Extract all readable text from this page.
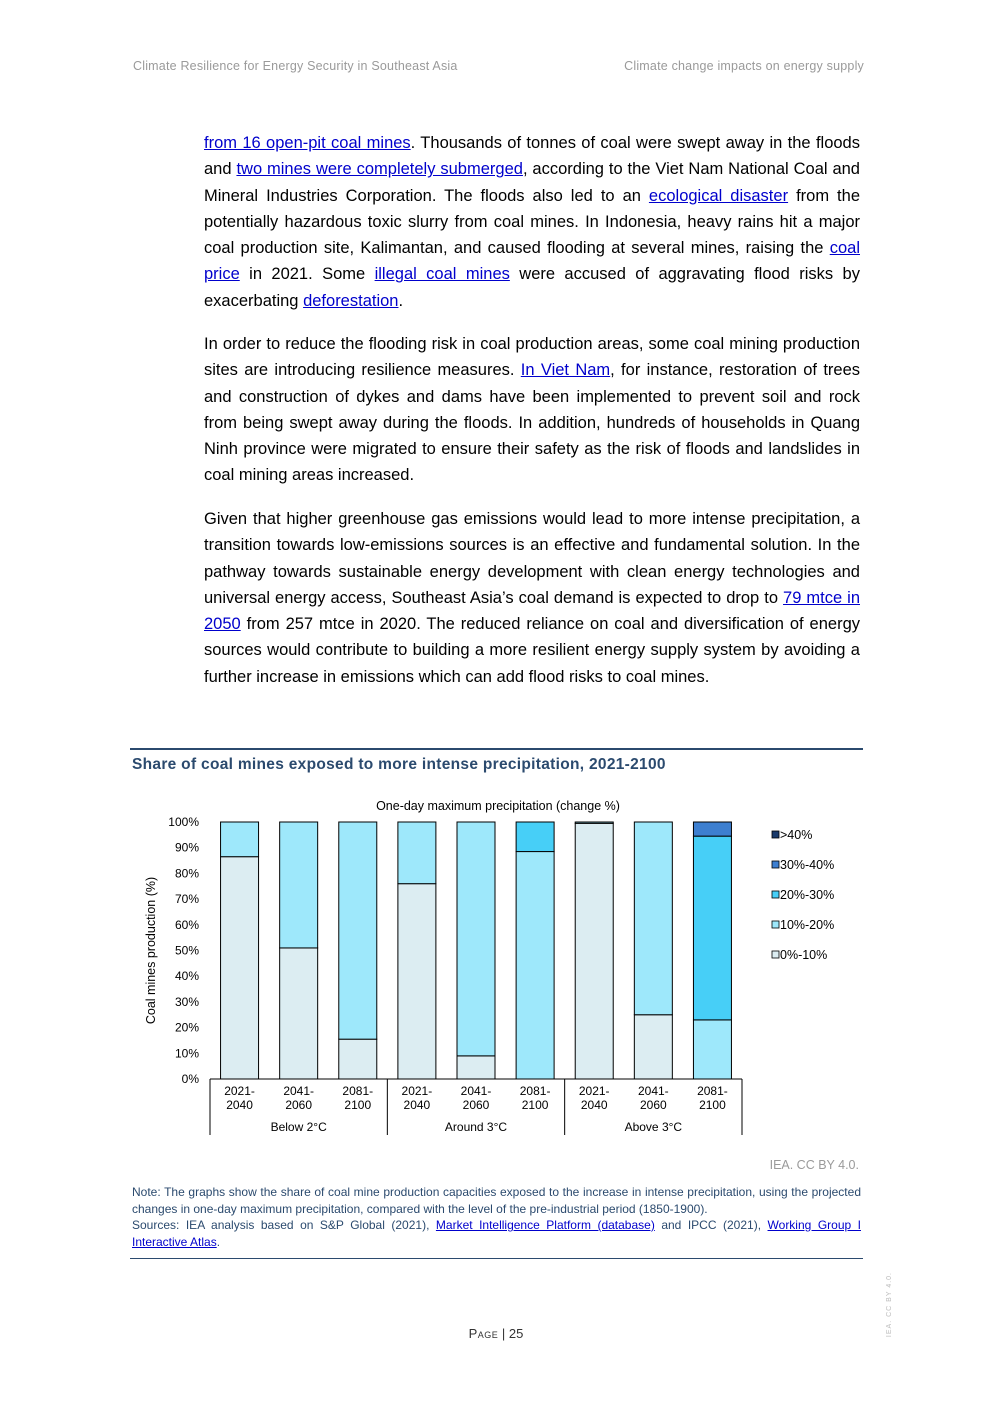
Climate Resilience for Energy Security in Southeast Asia	Climate change impacts on energy supply

from 16 open-pit coal mines. Thousands of tonnes of coal were swept away in the floods and two mines were completely submerged, according to the Viet Nam National Coal and Mineral Industries Corporation. The floods also led to an ecological disaster from the potentially hazardous toxic slurry from coal mines. In Indonesia, heavy rains hit a major coal production site, Kalimantan, and caused flooding at several mines, raising the coal price in 2021. Some illegal coal mines were accused of aggravating flood risks by exacerbating deforestation.

In order to reduce the flooding risk in coal production areas, some coal mining production sites are introducing resilience measures. In Viet Nam, for instance, restoration of trees and construction of dykes and dams have been implemented to prevent soil and rock from being swept away during the floods. In addition, hundreds of households in Quang Ninh province were migrated to ensure their safety as the risk of floods and landslides in coal mining areas increased.

Given that higher greenhouse gas emissions would lead to more intense precipitation, a transition towards low-emissions sources is an effective and fundamental solution. In the pathway towards sustainable energy development with clean energy technologies and universal energy access, Southeast Asia’s coal demand is expected to drop to 79 mtce in 2050 from 257 mtce in 2020. The reduced reliance on coal and diversification of energy sources would contribute to building a more resilient energy supply system by avoiding a further increase in emissions which can add flood risks to coal mines.

Share of coal mines exposed to more intense precipitation, 2021-2100
One-day maximum precipitation (change %)
Coal mines production (%)
0%
10%
20%
30%
40%
50%
60%
70%
80%
90%
100%
2021-
2040
2041-
2060
2081-
2100
2021-
2040
2041-
2060
2081-
2100
2021-
2040
2041-
2060
2081-
2100
Below 2°C	Around 3°C	Above 3°C
>40%
30%-40%
20%-30%
10%-20%
0%-10%
IEA. CC BY 4.0.
Note: The graphs show the share of coal mine production capacities exposed to the increase in intense precipitation, using the projected changes in one-day maximum precipitation, compared with the level of the pre-industrial period (1850-1900).
Sources: IEA analysis based on S&P Global (2021), Market Intelligence Platform (database) and IPCC (2021), Working Group I Interactive Atlas.
Page | 25	IEA. CC BY 4.0.
